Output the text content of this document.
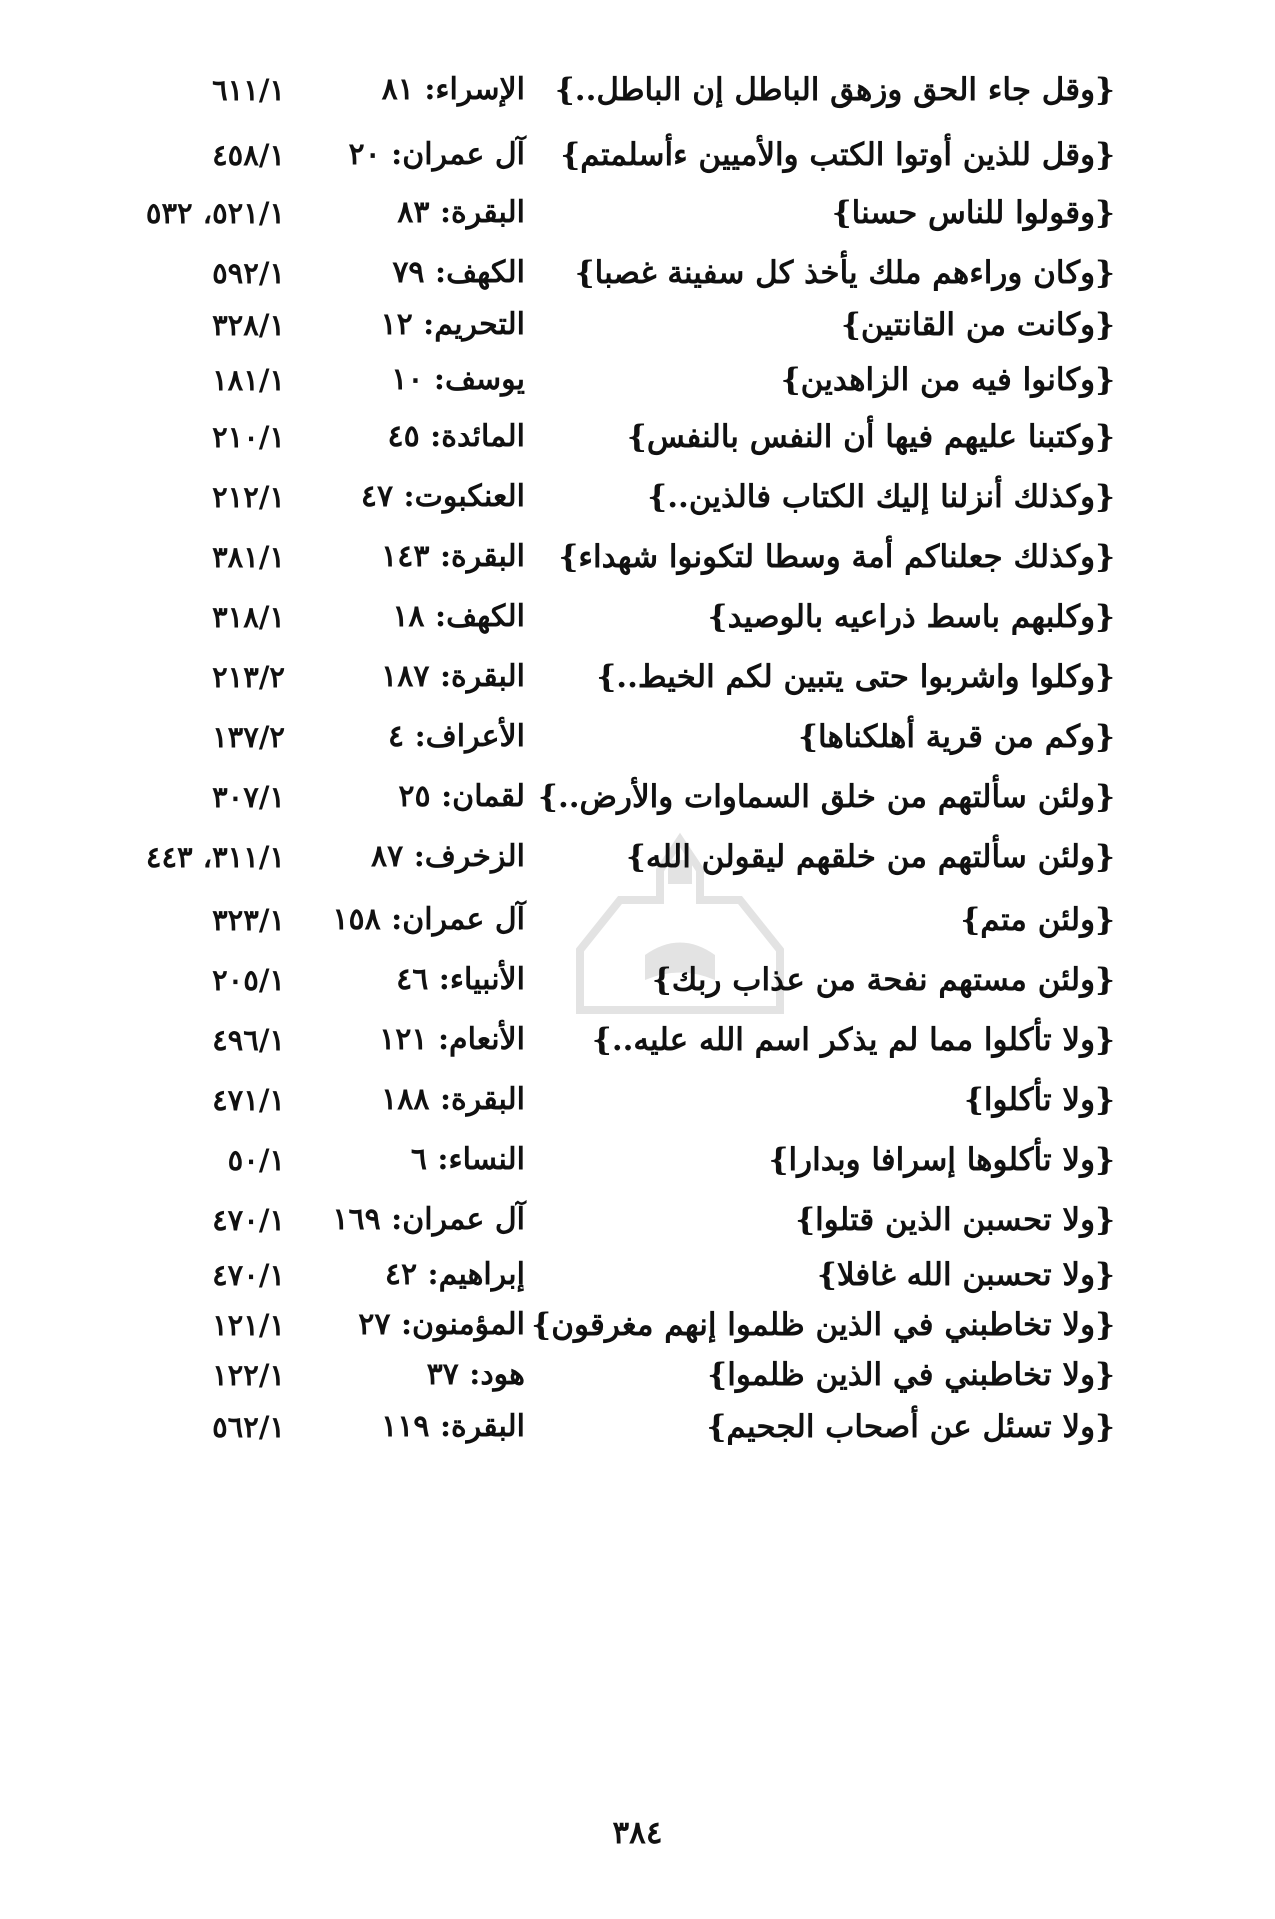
{وقل جاء الحق وزهق الباطل إن الباطل..}
الإسراء: ٨١
٦١١/١
{وقل للذين أوتوا الكتب والأميين ءأسلمتم}
آل عمران: ٢٠
٤٥٨/١
{وقولوا للناس حسنا}
البقرة: ٨٣
٥٢١/١، ٥٣٢
{وكان وراءهم ملك يأخذ كل سفينة غصبا}
الكهف: ٧٩
٥٩٢/١
{وكانت من القانتين}
التحريم: ١٢
٣٢٨/١
{وكانوا فيه من الزاهدين}
يوسف: ١٠
١٨١/١
{وكتبنا عليهم فيها أن النفس بالنفس}
المائدة: ٤٥
٢١٠/١
{وكذلك أنزلنا إليك الكتاب فالذين..}
العنكبوت: ٤٧
٢١٢/١
{وكذلك جعلناكم أمة وسطا لتكونوا شهداء}
البقرة: ١٤٣
٣٨١/١
{وكلبهم باسط ذراعيه بالوصيد}
الكهف: ١٨
٣١٨/١
{وكلوا واشربوا حتى يتبين لكم الخيط..}
البقرة: ١٨٧
٢١٣/٢
{وكم من قرية أهلكناها}
الأعراف: ٤
١٣٧/٢
{ولئن سألتهم من خلق السماوات والأرض..}
لقمان: ٢٥
٣٠٧/١
{ولئن سألتهم من خلقهم ليقولن الله}
الزخرف: ٨٧
٣١١/١، ٤٤٣
{ولئن متم}
آل عمران: ١٥٨
٣٢٣/١
{ولئن مستهم نفحة من عذاب ربك}
الأنبياء: ٤٦
٢٠٥/١
{ولا تأكلوا مما لم يذكر اسم الله عليه..}
الأنعام: ١٢١
٤٩٦/١
{ولا تأكلوا}
البقرة: ١٨٨
٤٧١/١
{ولا تأكلوها إسرافا وبدارا}
النساء: ٦
٥٠/١
{ولا تحسبن الذين قتلوا}
آل عمران: ١٦٩
٤٧٠/١
{ولا تحسبن الله غافلا}
إبراهيم: ٤٢
٤٧٠/١
{ولا تخاطبني في الذين ظلموا إنهم مغرقون}
المؤمنون: ٢٧
١٢١/١
{ولا تخاطبني في الذين ظلموا}
هود: ٣٧
١٢٢/١
{ولا تسئل عن أصحاب الجحيم}
البقرة: ١١٩
٥٦٢/١
٣٨٤
